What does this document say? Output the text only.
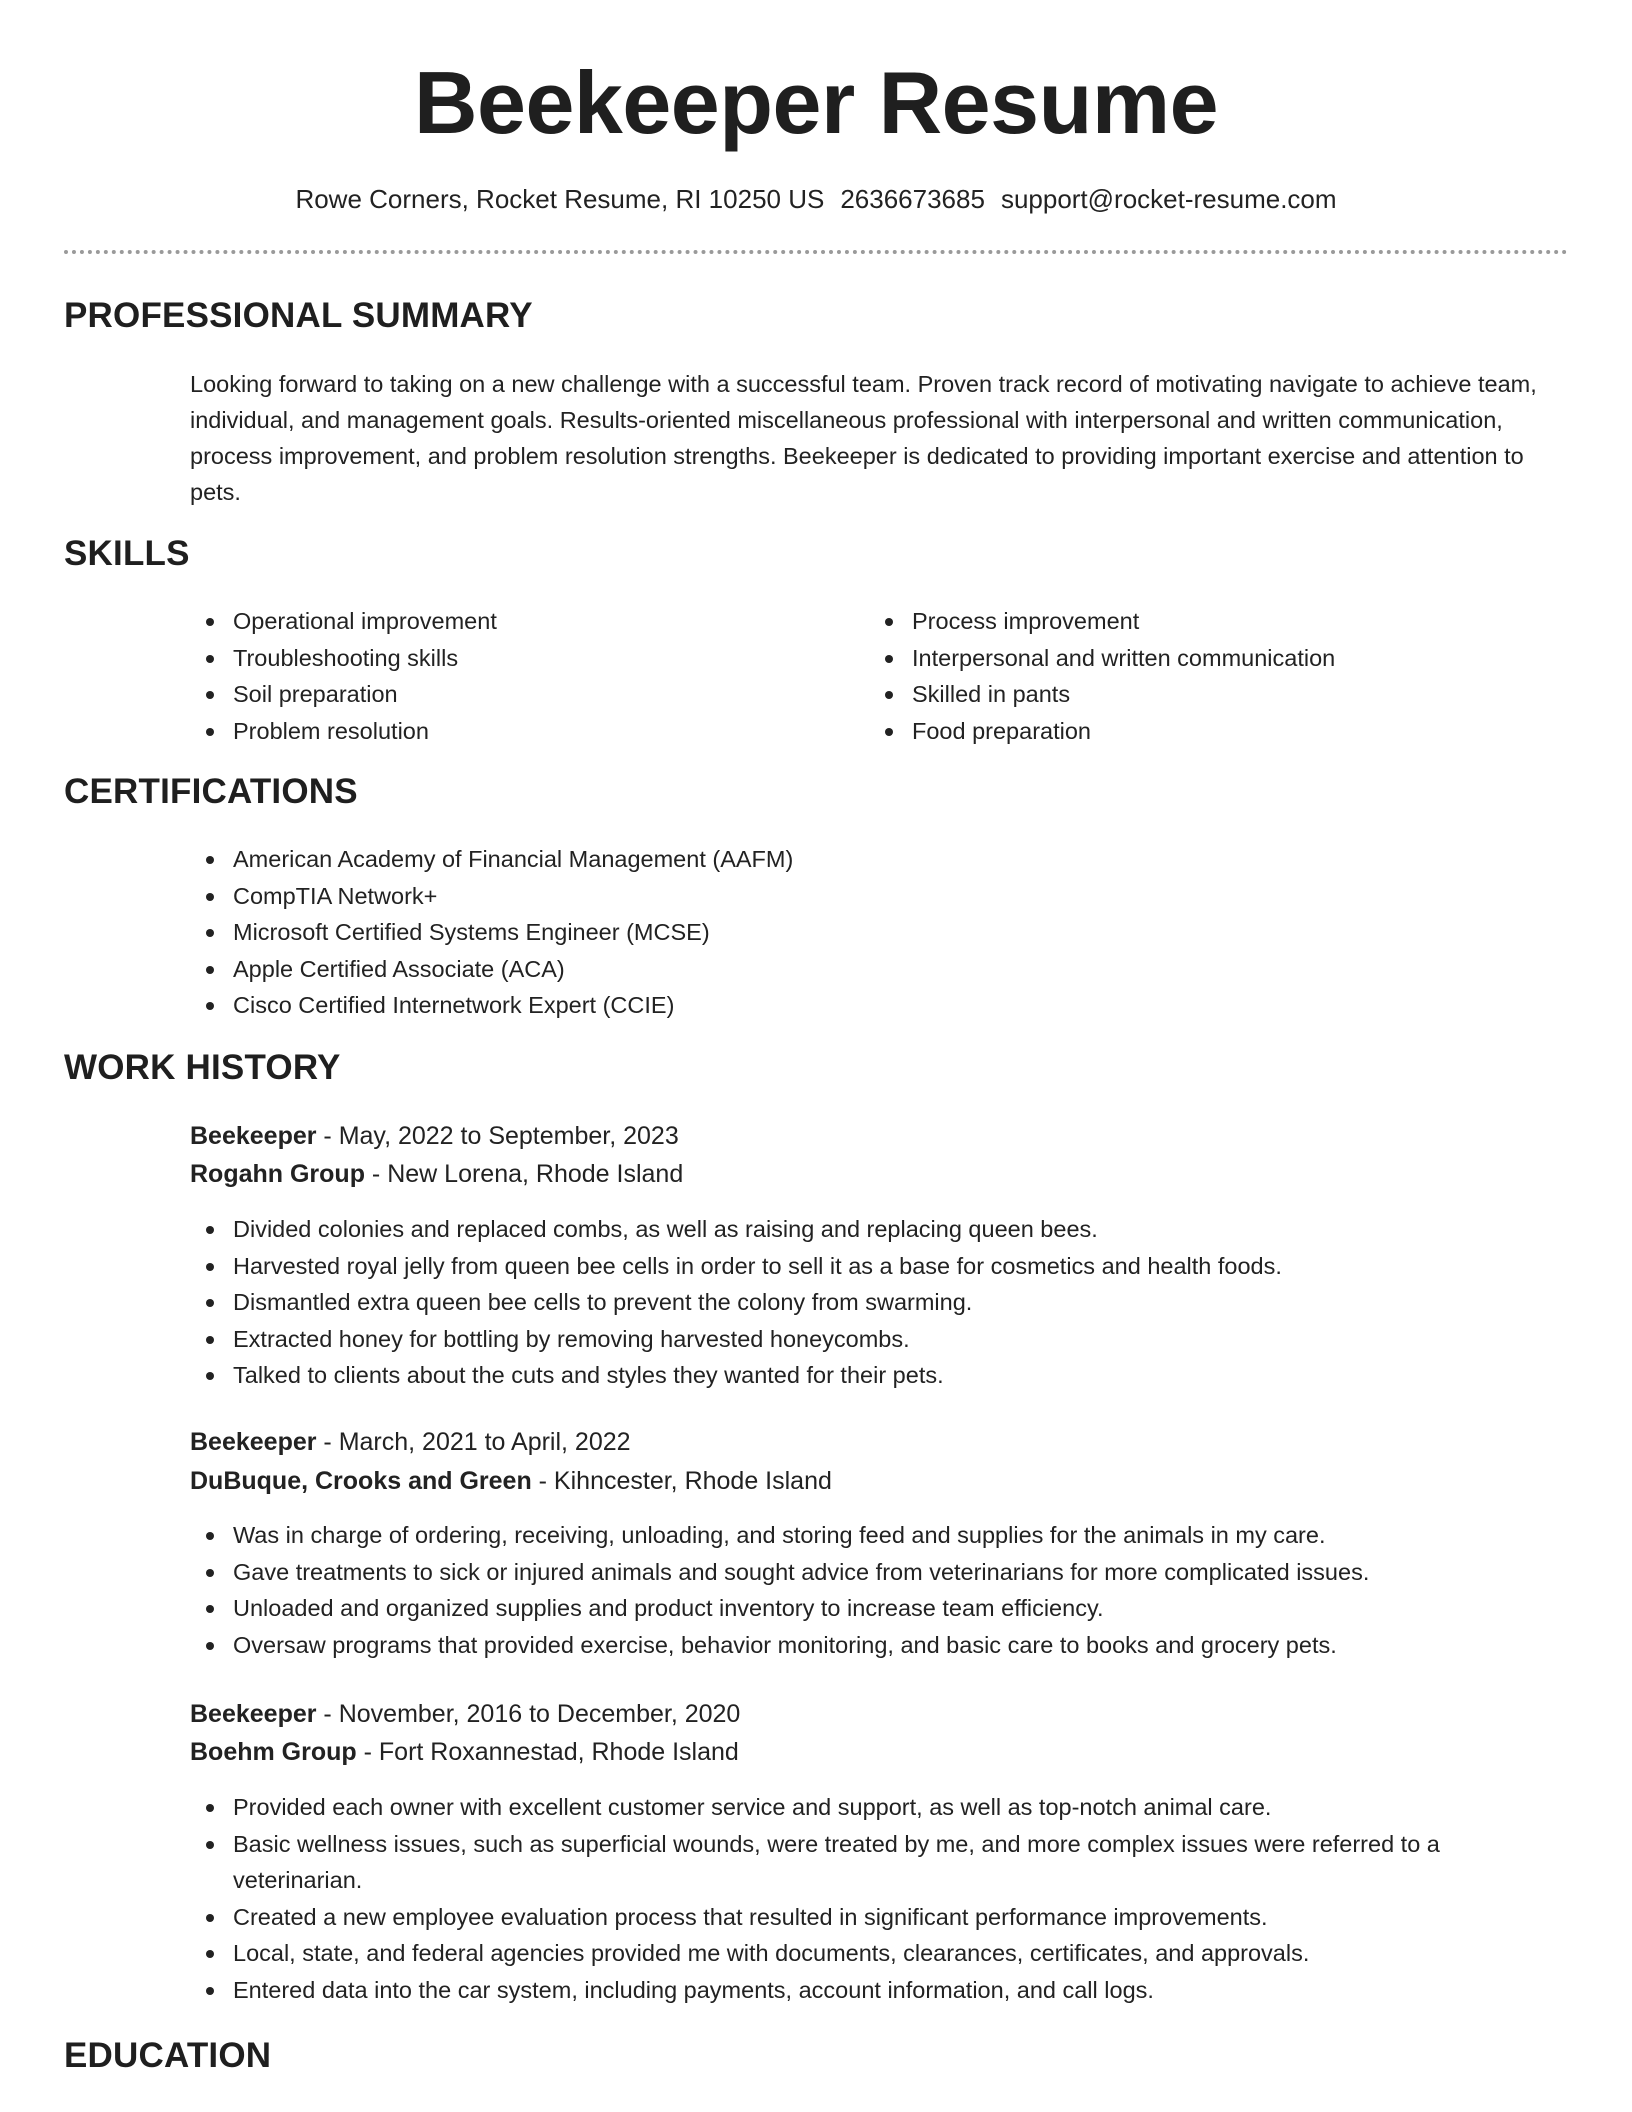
Beekeeper Resume
Rowe Corners, Rocket Resume, RI 10250 US 2636673685 support@rocket-resume.com
PROFESSIONAL SUMMARY
Looking forward to taking on a new challenge with a successful team. Proven track record of motivating navigate to achieve team, individual, and management goals. Results-oriented miscellaneous professional with interpersonal and written communication, process improvement, and problem resolution strengths. Beekeeper is dedicated to providing important exercise and attention to pets.
SKILLS
Operational improvement
Troubleshooting skills
Soil preparation
Problem resolution
Process improvement
Interpersonal and written communication
Skilled in pants
Food preparation
CERTIFICATIONS
American Academy of Financial Management (AAFM)
CompTIA Network+
Microsoft Certified Systems Engineer (MCSE)
Apple Certified Associate (ACA)
Cisco Certified Internetwork Expert (CCIE)
WORK HISTORY
Beekeeper - May, 2022 to September, 2023
Rogahn Group - New Lorena, Rhode Island
Divided colonies and replaced combs, as well as raising and replacing queen bees.
Harvested royal jelly from queen bee cells in order to sell it as a base for cosmetics and health foods.
Dismantled extra queen bee cells to prevent the colony from swarming.
Extracted honey for bottling by removing harvested honeycombs.
Talked to clients about the cuts and styles they wanted for their pets.
Beekeeper - March, 2021 to April, 2022
DuBuque, Crooks and Green - Kihncester, Rhode Island
Was in charge of ordering, receiving, unloading, and storing feed and supplies for the animals in my care.
Gave treatments to sick or injured animals and sought advice from veterinarians for more complicated issues.
Unloaded and organized supplies and product inventory to increase team efficiency.
Oversaw programs that provided exercise, behavior monitoring, and basic care to books and grocery pets.
Beekeeper - November, 2016 to December, 2020
Boehm Group - Fort Roxannestad, Rhode Island
Provided each owner with excellent customer service and support, as well as top-notch animal care.
Basic wellness issues, such as superficial wounds, were treated by me, and more complex issues were referred to a veterinarian.
Created a new employee evaluation process that resulted in significant performance improvements.
Local, state, and federal agencies provided me with documents, clearances, certificates, and approvals.
Entered data into the car system, including payments, account information, and call logs.
EDUCATION
